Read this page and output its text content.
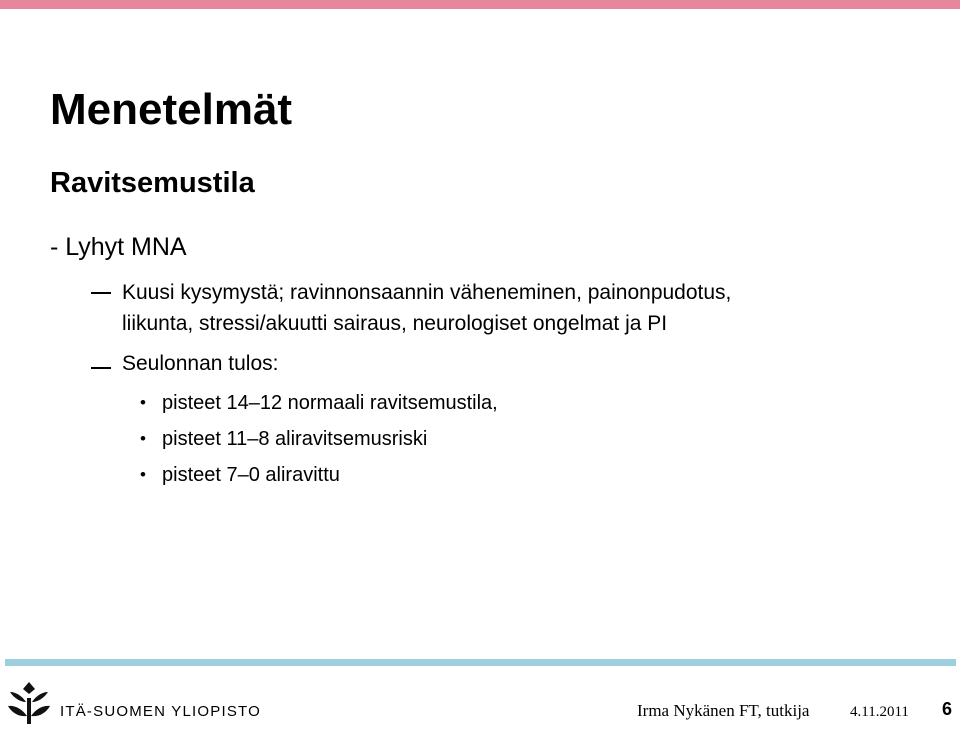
Menetelmät
Ravitsemustila
- Lyhyt MNA
Kuusi kysymystä; ravinnonsaannin väheneminen, painonpudotus,
liikunta, stressi/akuutti sairaus, neurologiset ongelmat ja PI
Seulonnan tulos:
• pisteet 14–12 normaali ravitsemustila,
• pisteet 11–8 aliravitsemusriski
• pisteet 7–0 aliravittu
ITÄ-SUOMEN YLIOPISTO	Irma Nykänen FT, tutkija	4.11.2011 6
